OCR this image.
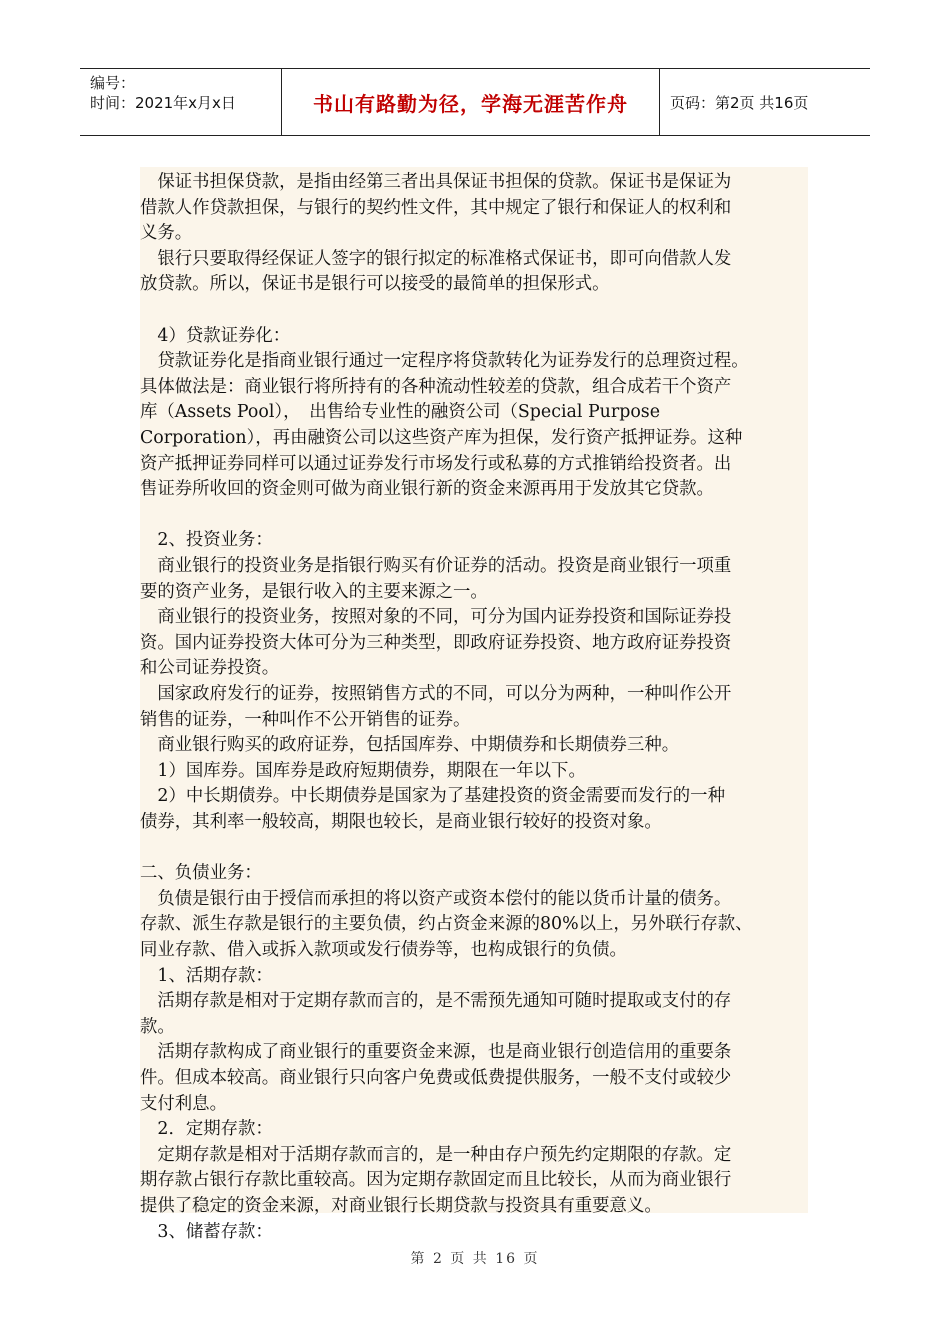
编号：
时间：2021年x月x日	书山有路勤为径，学海无涯苦作舟	页码：第2页 共16页
　保证书担保贷款，是指由经第三者出具保证书担保的贷款。保证书是保证为
借款人作贷款担保，与银行的契约性文件，其中规定了银行和保证人的权利和
义务。
　银行只要取得经保证人签字的银行拟定的标准格式保证书，即可向借款人发
放贷款。所以，保证书是银行可以接受的最简单的担保形式。
　4）贷款证券化：
　贷款证券化是指商业银行通过一定程序将贷款转化为证券发行的总理资过程。
具体做法是：商业银行将所持有的各种流动性较差的贷款，组合成若干个资产
库（Assets Pool），　出售给专业性的融资公司（Special Purpose
Corporation），再由融资公司以这些资产库为担保，发行资产抵押证券。这种
资产抵押证券同样可以通过证券发行市场发行或私募的方式推销给投资者。出
售证券所收回的资金则可做为商业银行新的资金来源再用于发放其它贷款。
　2、投资业务：
　商业银行的投资业务是指银行购买有价证券的活动。投资是商业银行一项重
要的资产业务，是银行收入的主要来源之一。
　商业银行的投资业务，按照对象的不同，可分为国内证券投资和国际证券投
资。国内证券投资大体可分为三种类型，即政府证券投资、地方政府证券投资
和公司证券投资。
　国家政府发行的证券，按照销售方式的不同，可以分为两种，一种叫作公开
销售的证券，一种叫作不公开销售的证券。
　商业银行购买的政府证券，包括国库券、中期债券和长期债券三种。
　1）国库券。国库券是政府短期债券，期限在一年以下。
　2）中长期债券。中长期债券是国家为了基建投资的资金需要而发行的一种
债券，其利率一般较高，期限也较长，是商业银行较好的投资对象。
二、负债业务：
　负债是银行由于授信而承担的将以资产或资本偿付的能以货币计量的债务。
存款、派生存款是银行的主要负债，约占资金来源的80%以上，另外联行存款、
同业存款、借入或拆入款项或发行债券等，也构成银行的负债。
　1、活期存款：
　活期存款是相对于定期存款而言的，是不需预先通知可随时提取或支付的存
款。
　活期存款构成了商业银行的重要资金来源，也是商业银行创造信用的重要条
件。但成本较高。商业银行只向客户免费或低费提供服务，一般不支付或较少
支付利息。
　2．定期存款：
　定期存款是相对于活期存款而言的，是一种由存户预先约定期限的存款。定
期存款占银行存款比重较高。因为定期存款固定而且比较长，从而为商业银行
提供了稳定的资金来源，对商业银行长期贷款与投资具有重要意义。
　3、储蓄存款：
第 2 页 共 16 页
